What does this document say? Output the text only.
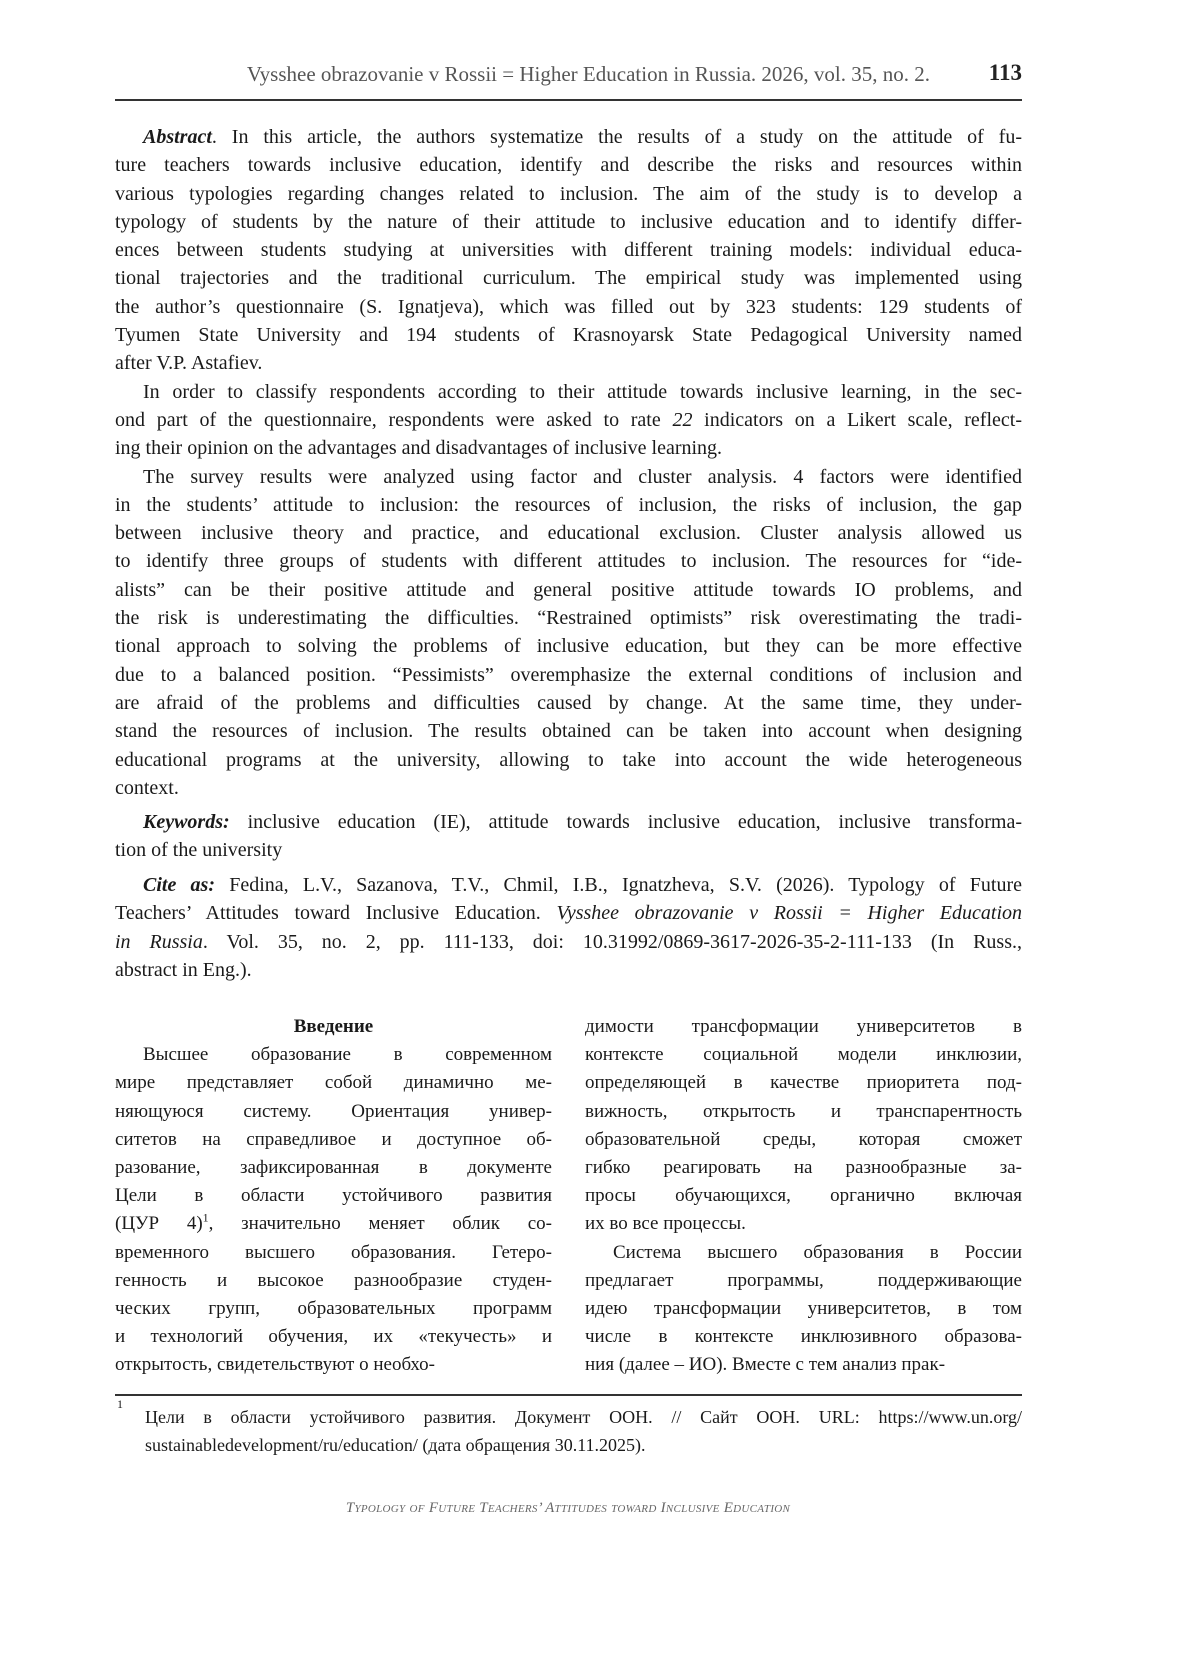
Vysshee obrazovanie v Rossii = Higher Education in Russia. 2026, vol. 35, no. 2.	113
Abstract. In this article, the authors systematize the results of a study on the attitude of fu-
ture teachers towards inclusive education, identify and describe the risks and resources within
various typologies regarding changes related to inclusion. The aim of the study is to develop a
typology of students by the nature of their attitude to inclusive education and to identify differ-
ences between students studying at universities with different training models: individual educa-
tional trajectories and the traditional curriculum. The empirical study was implemented using
the author’s questionnaire (S. Ignatjeva), which was filled out by 323 students: 129 students of
Tyumen State University and 194 students of Krasnoyarsk State Pedagogical University named
after V.P. Astafiev.
In order to classify respondents according to their attitude towards inclusive learning, in the sec-
ond part of the questionnaire, respondents were asked to rate 22 indicators on a Likert scale, reflect-
ing their opinion on the advantages and disadvantages of inclusive learning.
The survey results were analyzed using factor and cluster analysis. 4 factors were identified
in the students’ attitude to inclusion: the resources of inclusion, the risks of inclusion, the gap
between inclusive theory and practice, and educational exclusion. Cluster analysis allowed us
to identify three groups of students with different attitudes to inclusion. The resources for “ide-
alists” can be their positive attitude and general positive attitude towards IO problems, and
the risk is underestimating the difficulties. “Restrained optimists” risk overestimating the tradi-
tional approach to solving the problems of inclusive education, but they can be more effective
due to a balanced position. “Pessimists” overemphasize the external conditions of inclusion and
are afraid of the problems and difficulties caused by change. At the same time, they under-
stand the resources of inclusion. The results obtained can be taken into account when designing
educational programs at the university, allowing to take into account the wide heterogeneous
context.
Keywords: inclusive education (IE), attitude towards inclusive education, inclusive transforma-
tion of the university
Cite as: Fedina, L.V., Sazanova, T.V., Chmil, I.B., Ignatzheva, S.V. (2026). Typology of Future
Teachers’ Attitudes toward Inclusive Education. Vysshee obrazovanie v Rossii = Higher Education
in Russia. Vol. 35, no. 2, pp. 111-133, doi: 10.31992/0869-3617-2026-35-2-111-133 (In Russ.,
abstract in Eng.).
Введение
Высшее образование в современном
мире представляет собой динамично ме-
няющуюся систему. Ориентация универ-
ситетов на справедливое и доступное об-
разование, зафиксированная в документе
Цели в области устойчивого развития
(ЦУР 4)$^1$, значительно меняет облик со-
временного высшего образования. Гетеро-
генность и высокое разнообразие студен-
ческих групп, образовательных программ
и технологий обучения, их «текучесть» и
открытость, свидетельствуют о необхо-
димости трансформации университетов в
контексте социальной модели инклюзии,
определяющей в качестве приоритета под-
вижность, открытость и транспарентность
образовательной среды, которая сможет
гибко реагировать на разнообразные за-
просы обучающихся, органично включая
их во все процессы.
Система высшего образования в России
предлагает программы, поддерживающие
идею трансформации университетов, в том
числе в контексте инклюзивного образова-
ния (далее – ИО). Вместе с тем анализ прак-
1
Цели в области устойчивого развития. Документ ООН. // Сайт ООН. URL: https://www.un.org/
sustainabledevelopment/ru/education/ (дата обращения 30.11.2025).
Typology of Future Teachers’ Attitudes toward Inclusive Education
